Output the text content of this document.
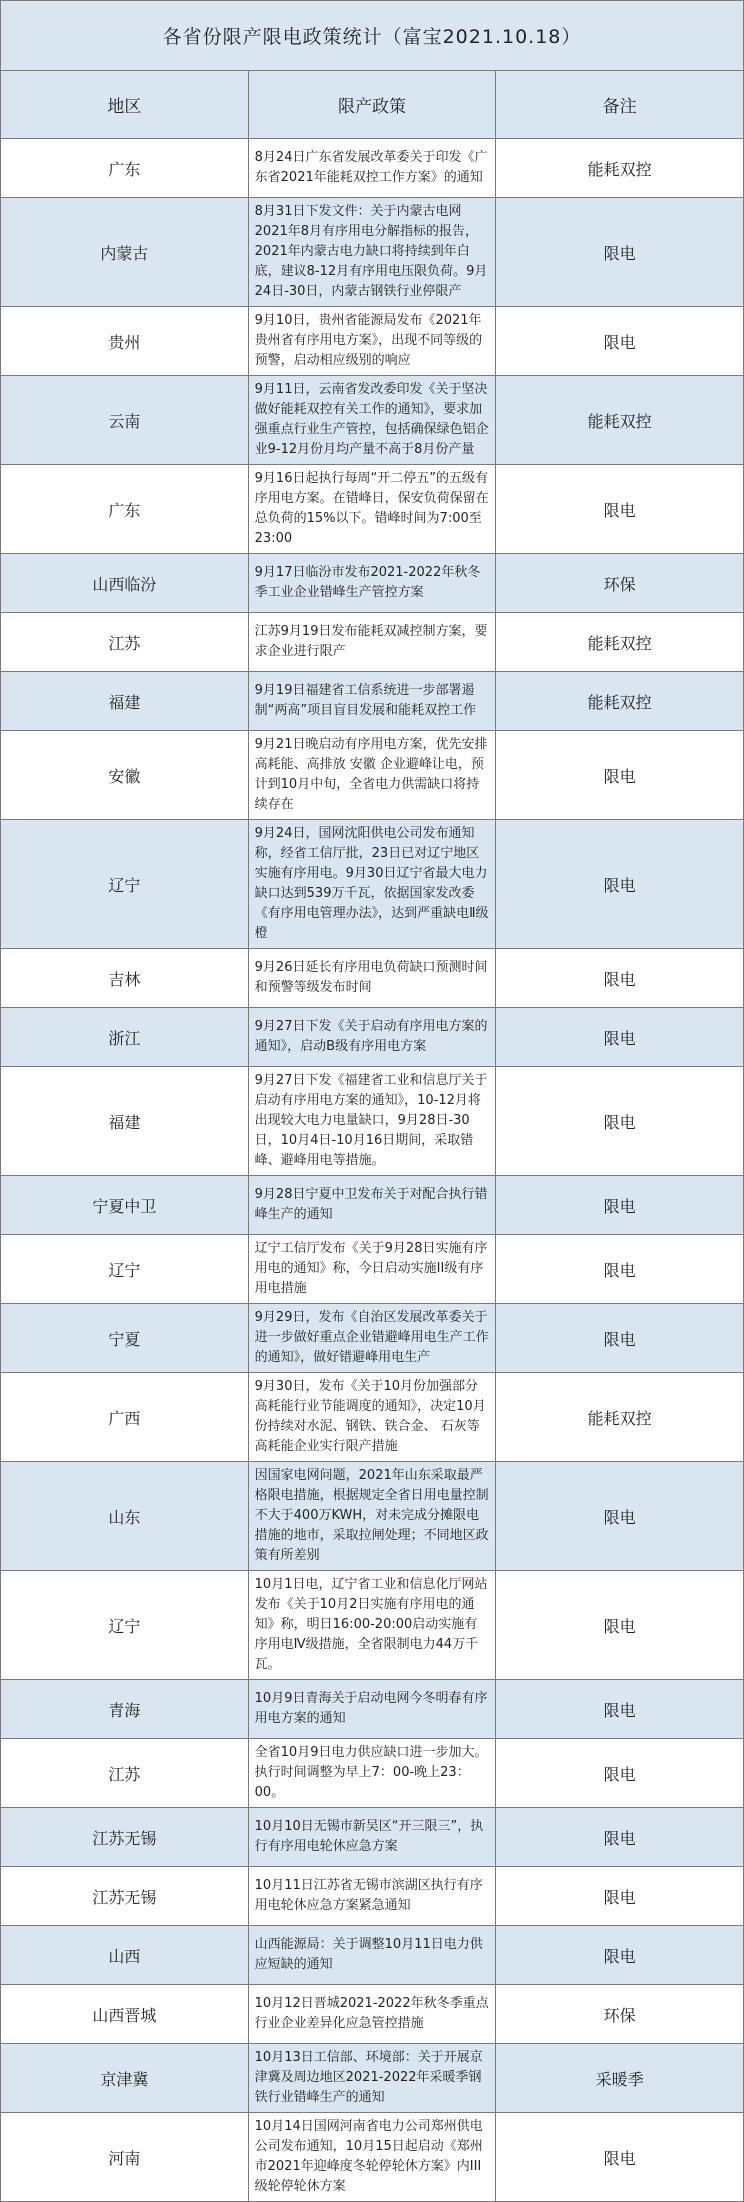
各省份限产限电政策统计（富宝2021.10.18）		
地区	限产政策	备注
广东	8月24日广东省发展改革委关于印发《广东省2021年能耗双控工作方案》的通知	能耗双控
内蒙古	8月31日下发文件：关于内蒙古电网2021年8月有序用电分解指标的报告，2021年内蒙古电力缺口将持续到年白底，建议8-12月有序用电压限负荷。9月24日-30日，内蒙古钢铁行业停限产	限电
贵州	9月10日，贵州省能源局发布《2021年贵州省有序用电方案》，出现不同等级的预警，启动相应级别的响应	限电
云南	9月11日，云南省发改委印发《关于坚决做好能耗双控有关工作的通知》，要求加强重点行业生产管控，包括确保绿色铝企业9-12月份月均产量不高于8月份产量	能耗双控
广东	9月16日起执行每周“开二停五”的五级有序用电方案。在错峰日，保安负荷保留在总负荷的15%以下。错峰时间为7:00至23:00	限电
山西临汾	9月17日临汾市发布2021-2022年秋冬季工业企业错峰生产管控方案	环保
江苏	江苏9月19日发布能耗双减控制方案，要求企业进行限产	能耗双控
福建	9月19日福建省工信系统进一步部署遏制“两高”项目盲目发展和能耗双控工作	能耗双控
安徽	9月21日晚启动有序用电方案，优先安排高耗能、高排放 安徽 企业避峰让电，预计到10月中旬，全省电力供需缺口将持续存在	限电
辽宁	9月24日，国网沈阳供电公司发布通知称，经省工信厅批，23日已对辽宁地区实施有序用电。9月30日辽宁省最大电力缺口达到539万千瓦，依据国家发改委《有序用电管理办法》，达到严重缺电Ⅱ级橙	限电
吉林	9月26日延长有序用电负荷缺口预测时间和预警等级发布时间	限电
浙江	9月27日下发《关于启动有序用电方案的通知》，启动B级有序用电方案	限电
福建	9月27日下发《福建省工业和信息厅关于启动有序用电方案的通知》，10-12月将出现较大电力电量缺口，9月28日-30日，10月4日-10月16日期间，采取错峰、避峰用电等措施。	限电
宁夏中卫	9月28日宁夏中卫发布关于对配合执行错峰生产的通知	限电
辽宁	辽宁工信厅发布《关于9月28日实施有序用电的通知》称，今日启动实施II级有序用电措施	限电
宁夏	9月29日，发布《自治区发展改革委关于进一步做好重点企业错避峰用电生产工作的通知》，做好错避峰用电生产	限电
广西	9月30日，发布《关于10月份加强部分高耗能行业节能调度的通知》，决定10月份持续对水泥、钢铁、铁合金、 石灰等高耗能企业实行限产措施	能耗双控
山东	因国家电网问题，2021年山东采取最严格限电措施，根据规定全省日用电量控制不大于400万KWH，对未完成分摊限电措施的地市，采取拉闸处理；不同地区政策有所差别	限电
辽宁	10月1日电，辽宁省工业和信息化厅网站发布《关于10月2日实施有序用电的通知》称，明日16:00-20:00启动实施有序用电Ⅳ级措施，全省限制电力44万千瓦。	限电
青海	10月9日青海关于启动电网今冬明春有序用电方案的通知	限电
江苏	全省10月9日电力供应缺口进一步加大。执行时间调整为早上7：00-晚上23：00。	限电
江苏无锡	10月10日无锡市新吴区“开三限三”，执行有序用电轮休应急方案	限电
江苏无锡	10月11日江苏省无锡市滨湖区执行有序用电轮休应急方案紧急通知	限电
山西	山西能源局：关于调整10月11日电力供应短缺的通知	限电
山西晋城	10月12日晋城2021-2022年秋冬季重点行业企业差异化应急管控措施	环保
京津冀	10月13日工信部、环境部：关于开展京津冀及周边地区2021-2022年采暖季钢铁行业错峰生产的通知	采暖季
河南	10月14日国网河南省电力公司郑州供电公司发布通知，10月15日起启动《郑州市2021年迎峰度冬轮停轮休方案》内III级轮停轮休方案	限电
